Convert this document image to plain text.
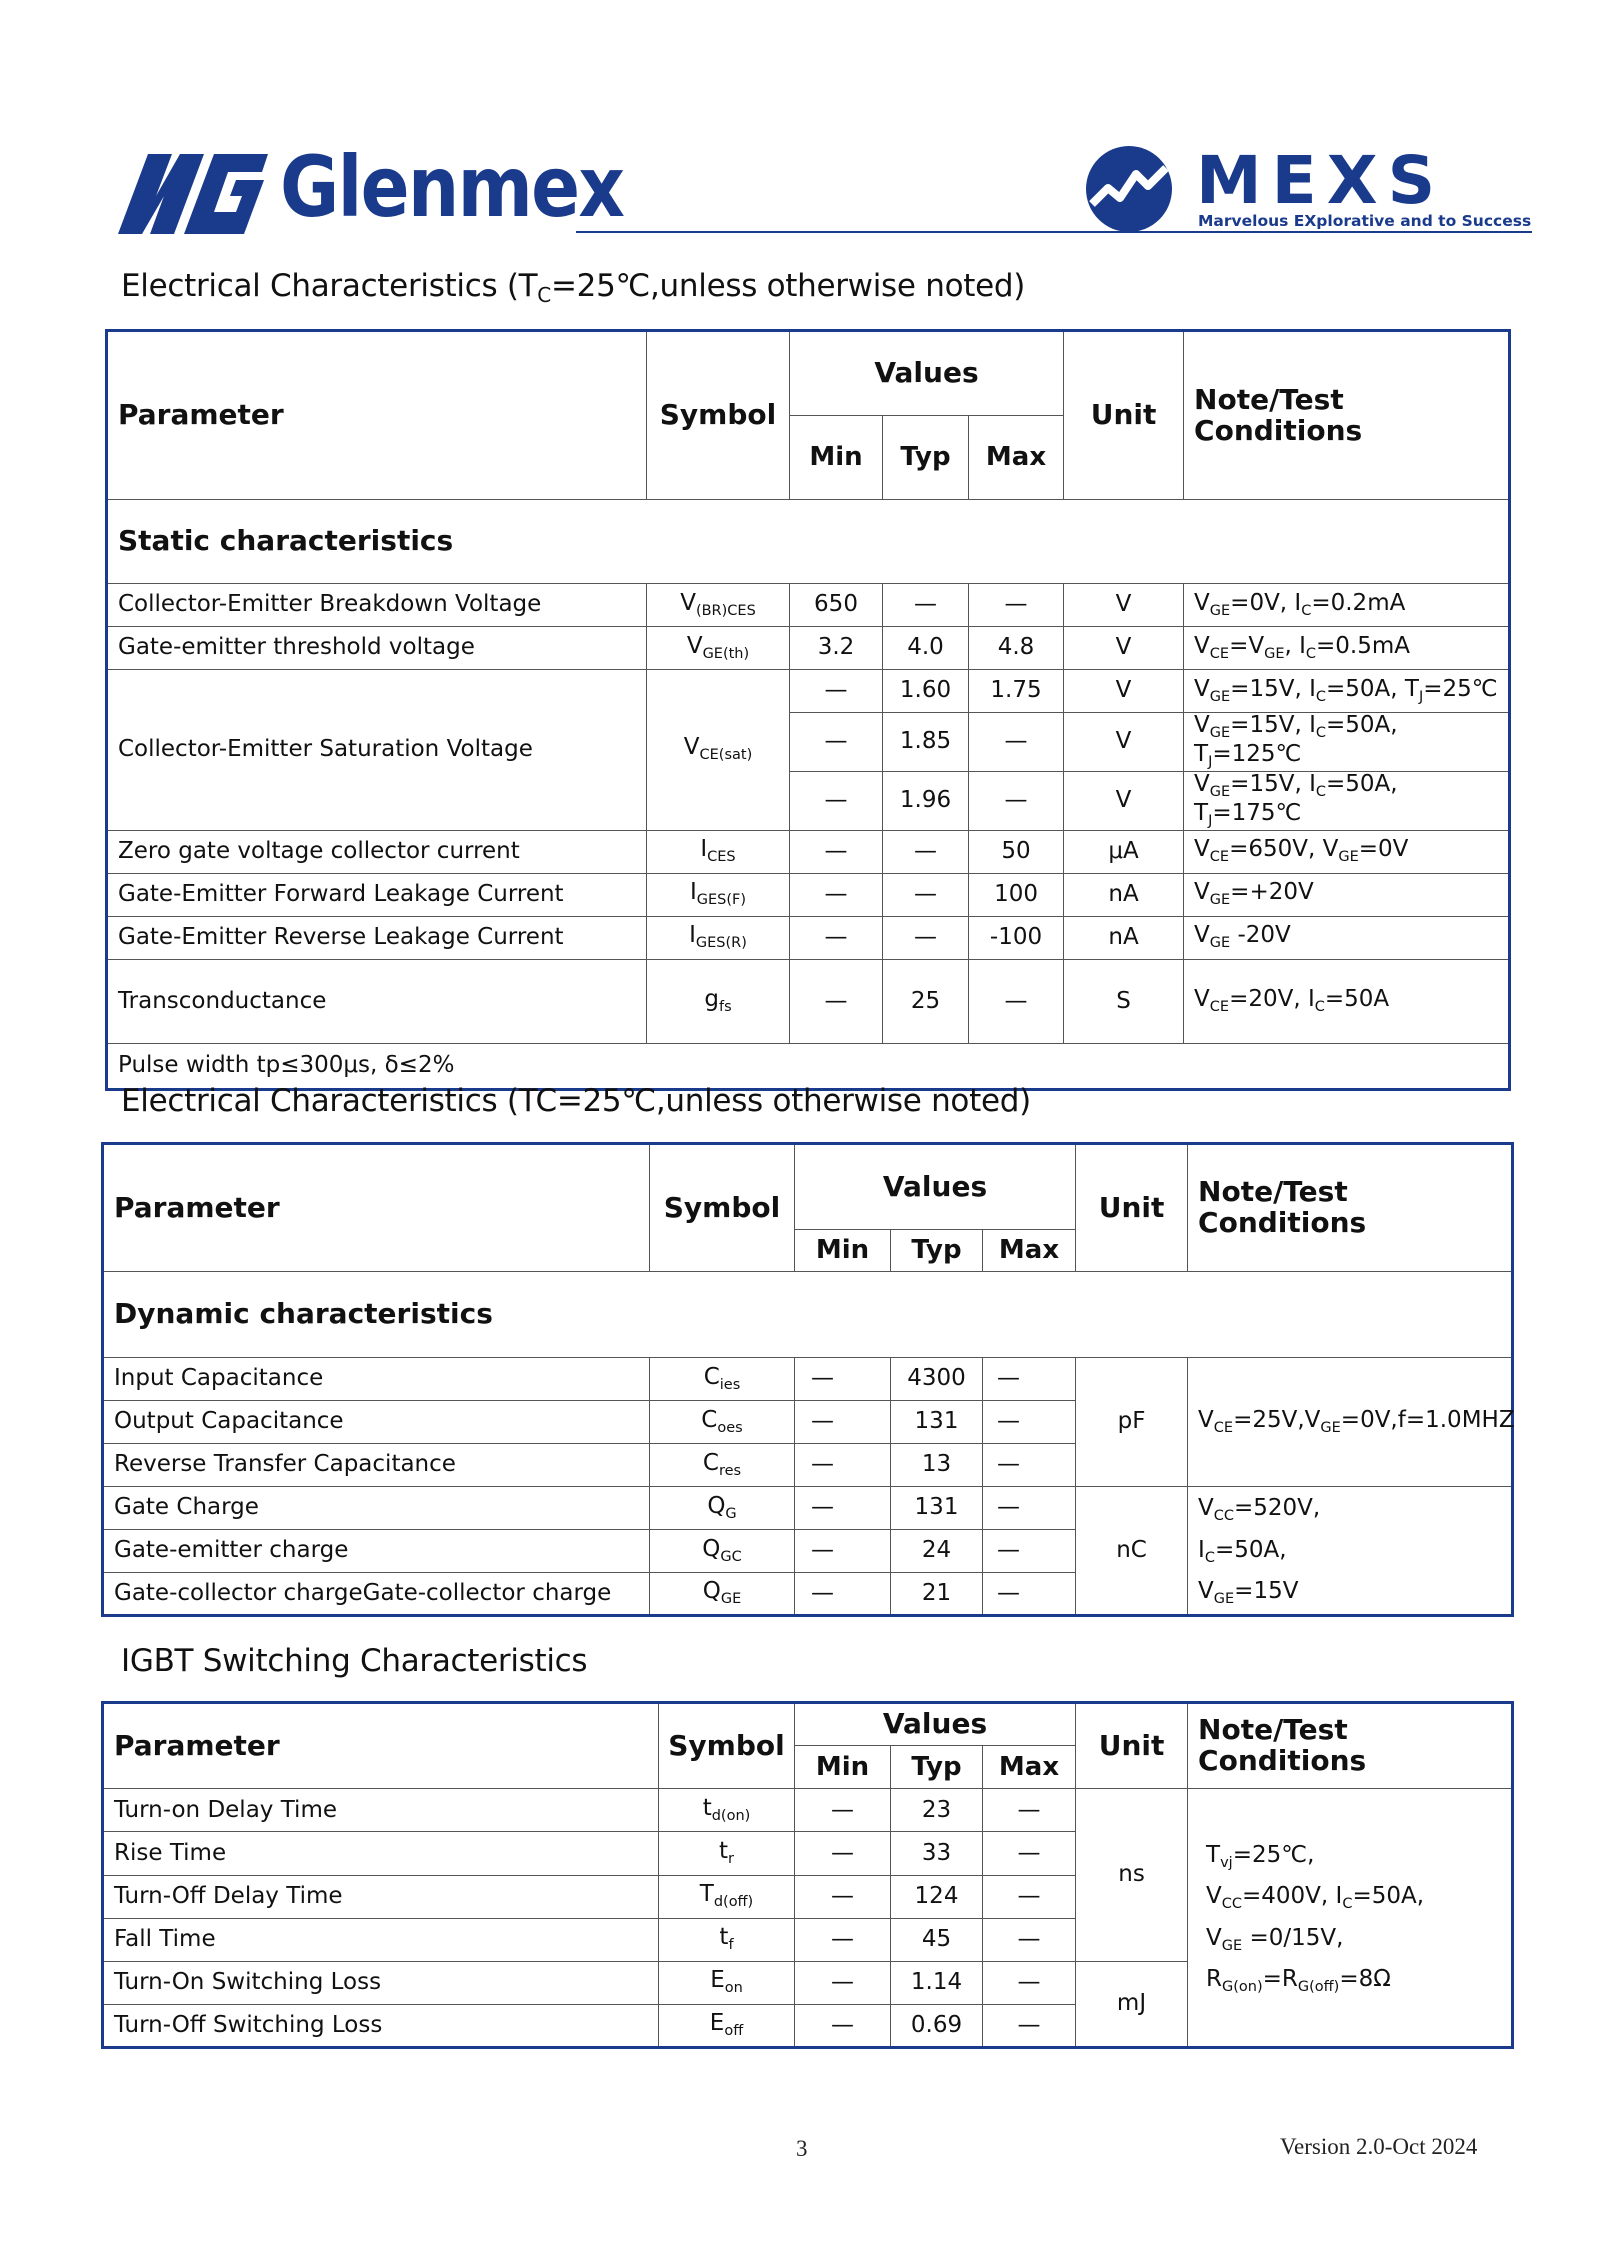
Glenmex	MEXS
Marvelous EXplorative and to Success
Electrical Characteristics ($T_C=25℃,unless$ otherwise noted)
Parameter	Symbol	Values			Unit	Note/Test Conditions
		Min	Typ	Max		
Static characteristics						
Collector-Emitter Breakdown Voltage	$V_{(BR)CES}$	650	—	—	V	$V_{GE}=0V$, $I_C=0.2mA$
Gate-emitter threshold voltage	$V_{GE(th)}$	3.2	4.0	4.8	V	$V_{CE}=V_{GE}$, $I_C=0.5mA$
Collector-Emitter Saturation Voltage	$V_{CE(sat)}$	—	1.60	1.75	V	$V_{GE}=15V$, $I_C=50A$, $T_J=25℃$
		—	1.85	—	V	$V_{GE}=15V$, $I_C=50A$, $T_J=125℃$
		—	1.96	—	V	$V_{GE}=15V$, $I_C=50A$, $T_J=175℃$
Zero gate voltage collector current	$I_{CES}$	—	—	50	μA	$V_{CE}=650V$, $V_{GE}=0V$
Gate-Emitter Forward Leakage Current	$I_{GES(F)}$	—	—	100	nA	$V_{GE}=+20V$
Gate-Emitter Reverse Leakage Current	$I_{GES(R)}$	—	—	-100	nA	$V_{GE}$ -20V
Transconductance	$g_{fs}$	—	25	—	S	$V_{CE}=20V$, $I_C=50A$
Pulse width tp≤300μs, δ≤2%						
Electrical Characteristics (TC=25℃,unless otherwise noted)
Parameter	Symbol	Values			Unit	Note/Test Conditions
		Min	Typ	Max		
Dynamic characteristics						
Input Capacitance	$C_{ies}$	—	4300	—	pF	$V_{CE}=25V,V_{GE}=0V,f=1.0MHZ$
Output Capacitance	$C_{oes}$	—	131	—		
Reverse Transfer Capacitance	$C_{res}$	—	13	—		
Gate Charge	$Q_G$	—	131	—	nC	$V_{CC}=520V$,
$I_C=50A$,
$V_{GE}=15V$

Gate-emitter charge	$Q_{GC}$	—	24	—		
Gate-collector chargeGate-collector charge	$Q_{GE}$	—	21	—		
IGBT Switching Characteristics
Parameter	Symbol	Values			Unit	Note/Test Conditions
		Min	Typ	Max		
Turn-on Delay Time	$t_{d(on)}$	—	23	—	ns	$T_{vj}=25℃$,
$V_{CC}=400V$, $I_C=50A$,
$V_{GE} =0/15V$,
$R_{G(on)}=R_{G(off)}=8\Omega$

Rise Time	$t_r$	—	33	—		
Turn-Off Delay Time	$T_{d(off)}$	—	124	—		
Fall Time	$t_f$	—	45	—		
Turn-On Switching Loss	$E_{on}$	—	1.14	—	mJ	
Turn-Off Switching Loss	$E_{off}$	—	0.69	—		
3	Version 2.0-Oct 2024
